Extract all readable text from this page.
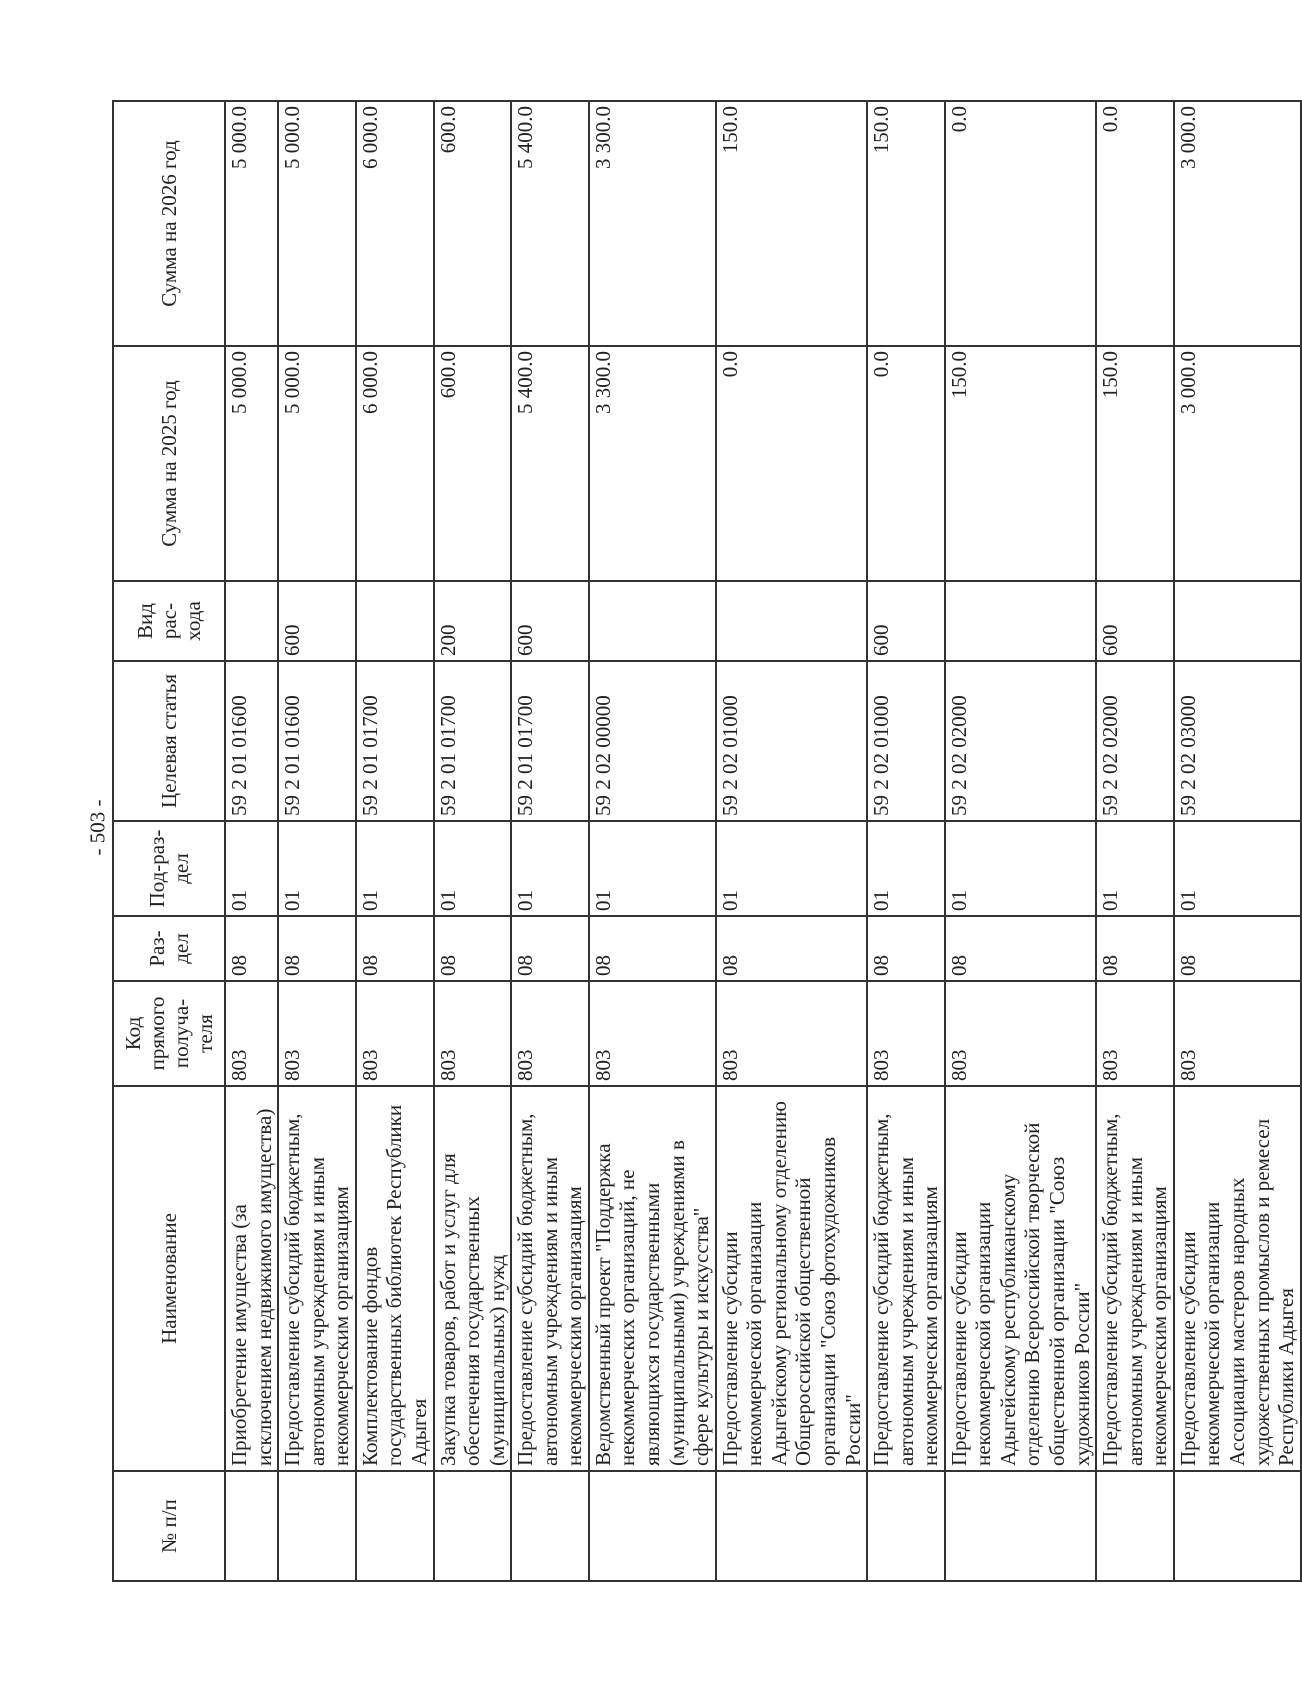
- 503 -
№ п/п	Наименование	Код прямого получа-теля	Раз-дел	Под-раз-дел	Целевая статья	Вид рас-хода	Сумма на 2025 год	Сумма на 2026 год
	Приобретение имущества (за исключением недвижимого имущества)	803	08	01	59 2 01 01600		5 000.0	5 000.0
	Предоставление субсидий бюджетным, автономным учреждениям и иным некоммерческим организациям	803	08	01	59 2 01 01600	600	5 000.0	5 000.0
	Комплектование фондов государственных библиотек Республики Адыгея	803	08	01	59 2 01 01700		6 000.0	6 000.0
	Закупка товаров, работ и услуг для обеспечения государственных (муниципальных) нужд	803	08	01	59 2 01 01700	200	600.0	600.0
	Предоставление субсидий бюджетным, автономным учреждениям и иным некоммерческим организациям	803	08	01	59 2 01 01700	600	5 400.0	5 400.0
	Ведомственный проект "Поддержка некоммерческих организаций, не являющихся государственными (муниципальными) учреждениями в сфере культуры и искусства"	803	08	01	59 2 02 00000		3 300.0	3 300.0
	Предоставление субсидии некоммерческой организации Адыгейскому региональному отделению Общероссийской общественной организации "Союз фотохудожников России"	803	08	01	59 2 02 01000		0.0	150.0
	Предоставление субсидий бюджетным, автономным учреждениям и иным некоммерческим организациям	803	08	01	59 2 02 01000	600	0.0	150.0
	Предоставление субсидии некоммерческой организации Адыгейскому республиканскому отделению Всероссийской творческой общественной организации "Союз художников России"	803	08	01	59 2 02 02000		150.0	0.0
	Предоставление субсидий бюджетным, автономным учреждениям и иным некоммерческим организациям	803	08	01	59 2 02 02000	600	150.0	0.0
	Предоставление субсидии некоммерческой организации Ассоциации мастеров народных художественных промыслов и ремесел Республики Адыгея	803	08	01	59 2 02 03000		3 000.0	3 000.0
